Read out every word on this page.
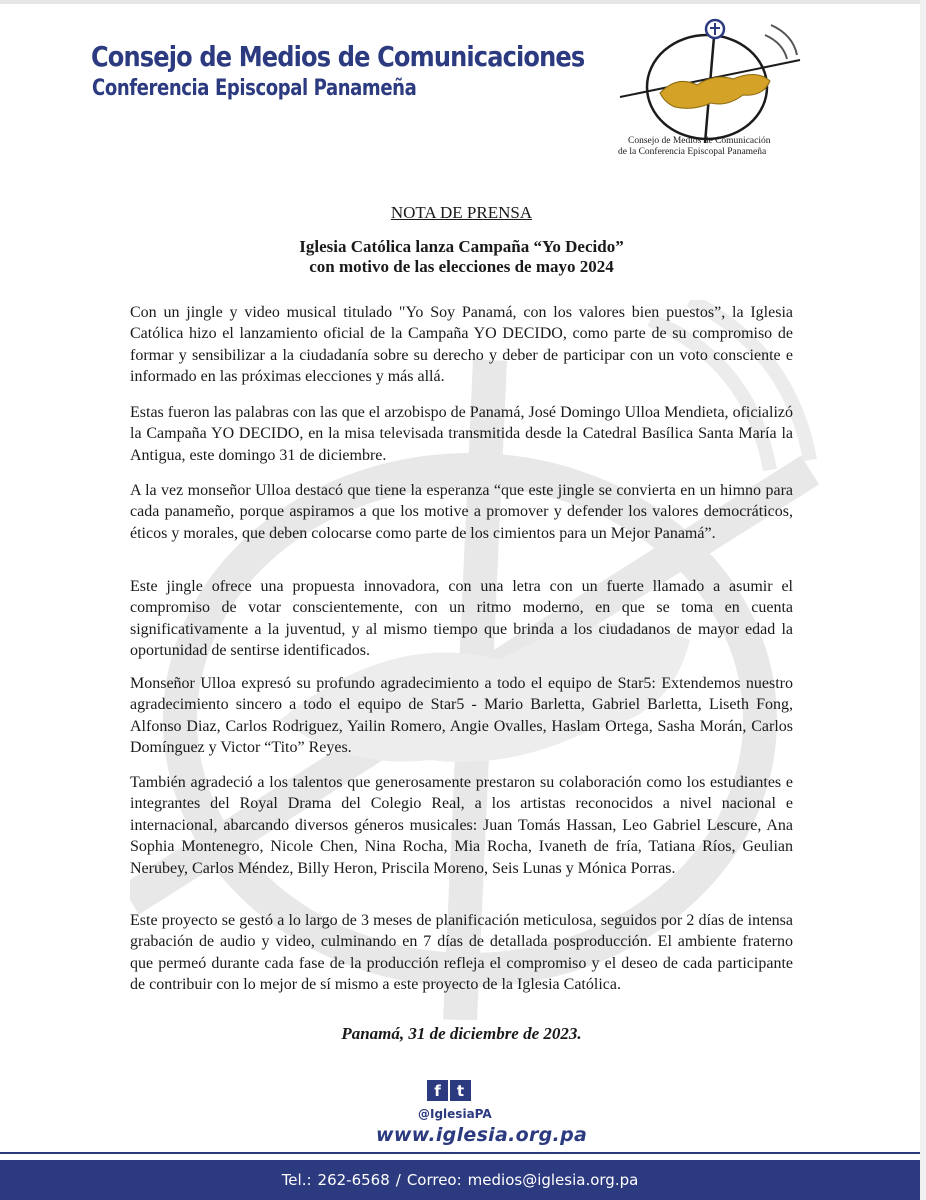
Consejo de Medios de Comunicaciones
Conferencia Episcopal Panameña
Consejo de Medios de Comunicación
de la Conferencia Episcopal Panameña
NOTA DE PRENSA
Iglesia Católica lanza Campaña “Yo Decido”
con motivo de las elecciones de mayo 2024

Con un jingle y video musical titulado "Yo Soy Panamá, con los valores bien puestos”, la Iglesia Católica hizo el lanzamiento oficial de la Campaña YO DECIDO, como parte de su compromiso de formar y sensibilizar a la ciudadanía sobre su derecho y deber de participar con un voto consciente e informado en las próximas elecciones y más allá.

Estas fueron las palabras con las que el arzobispo de Panamá, José Domingo Ulloa Mendieta, oficializó la Campaña YO DECIDO, en la misa televisada transmitida desde la Catedral Basílica Santa María la Antigua, este domingo 31 de diciembre.

A la vez monseñor Ulloa destacó que tiene la esperanza “que este jingle se convierta en un himno para cada panameño, porque aspiramos a que los motive a promover y defender los valores democráticos, éticos y morales, que deben colocarse como parte de los cimientos para un Mejor Panamá”.

Este jingle ofrece una propuesta innovadora, con una letra con un fuerte llamado a asumir el compromiso de votar conscientemente, con un ritmo moderno, en que se toma en cuenta significativamente a la juventud, y al mismo tiempo que brinda a los ciudadanos de mayor edad la oportunidad de sentirse identificados.

Monseñor Ulloa expresó su profundo agradecimiento a todo el equipo de Star5: Extendemos nuestro agradecimiento sincero a todo el equipo de Star5 - Mario Barletta, Gabriel Barletta, Liseth Fong, Alfonso Diaz, Carlos Rodriguez, Yailin Romero, Angie Ovalles, Haslam Ortega, Sasha Morán, Carlos Domínguez y Victor “Tito” Reyes.

También agradeció a los talentos que generosamente prestaron su colaboración como los estudiantes e integrantes del Royal Drama del Colegio Real, a los artistas reconocidos a nivel nacional e internacional, abarcando diversos géneros musicales: Juan Tomás Hassan, Leo Gabriel Lescure, Ana Sophia Montenegro, Nicole Chen, Nina Rocha, Mia Rocha, Ivaneth de fría, Tatiana Ríos, Geulian Nerubey, Carlos Méndez, Billy Heron, Priscila Moreno, Seis Lunas y Mónica Porras.

Este proyecto se gestó a lo largo de 3 meses de planificación meticulosa, seguidos por 2 días de intensa grabación de audio y video, culminando en 7 días de detallada posproducción. El ambiente fraterno que permeó durante cada fase de la producción refleja el compromiso y el deseo de cada participante de contribuir con lo mejor de sí mismo a este proyecto de la Iglesia Católica.

Panamá, 31 de diciembre de 2023.
f	t
@IglesiaPA
www.iglesia.org.pa
Tel.: 262-6568 / Correo: medios@iglesia.org.pa
